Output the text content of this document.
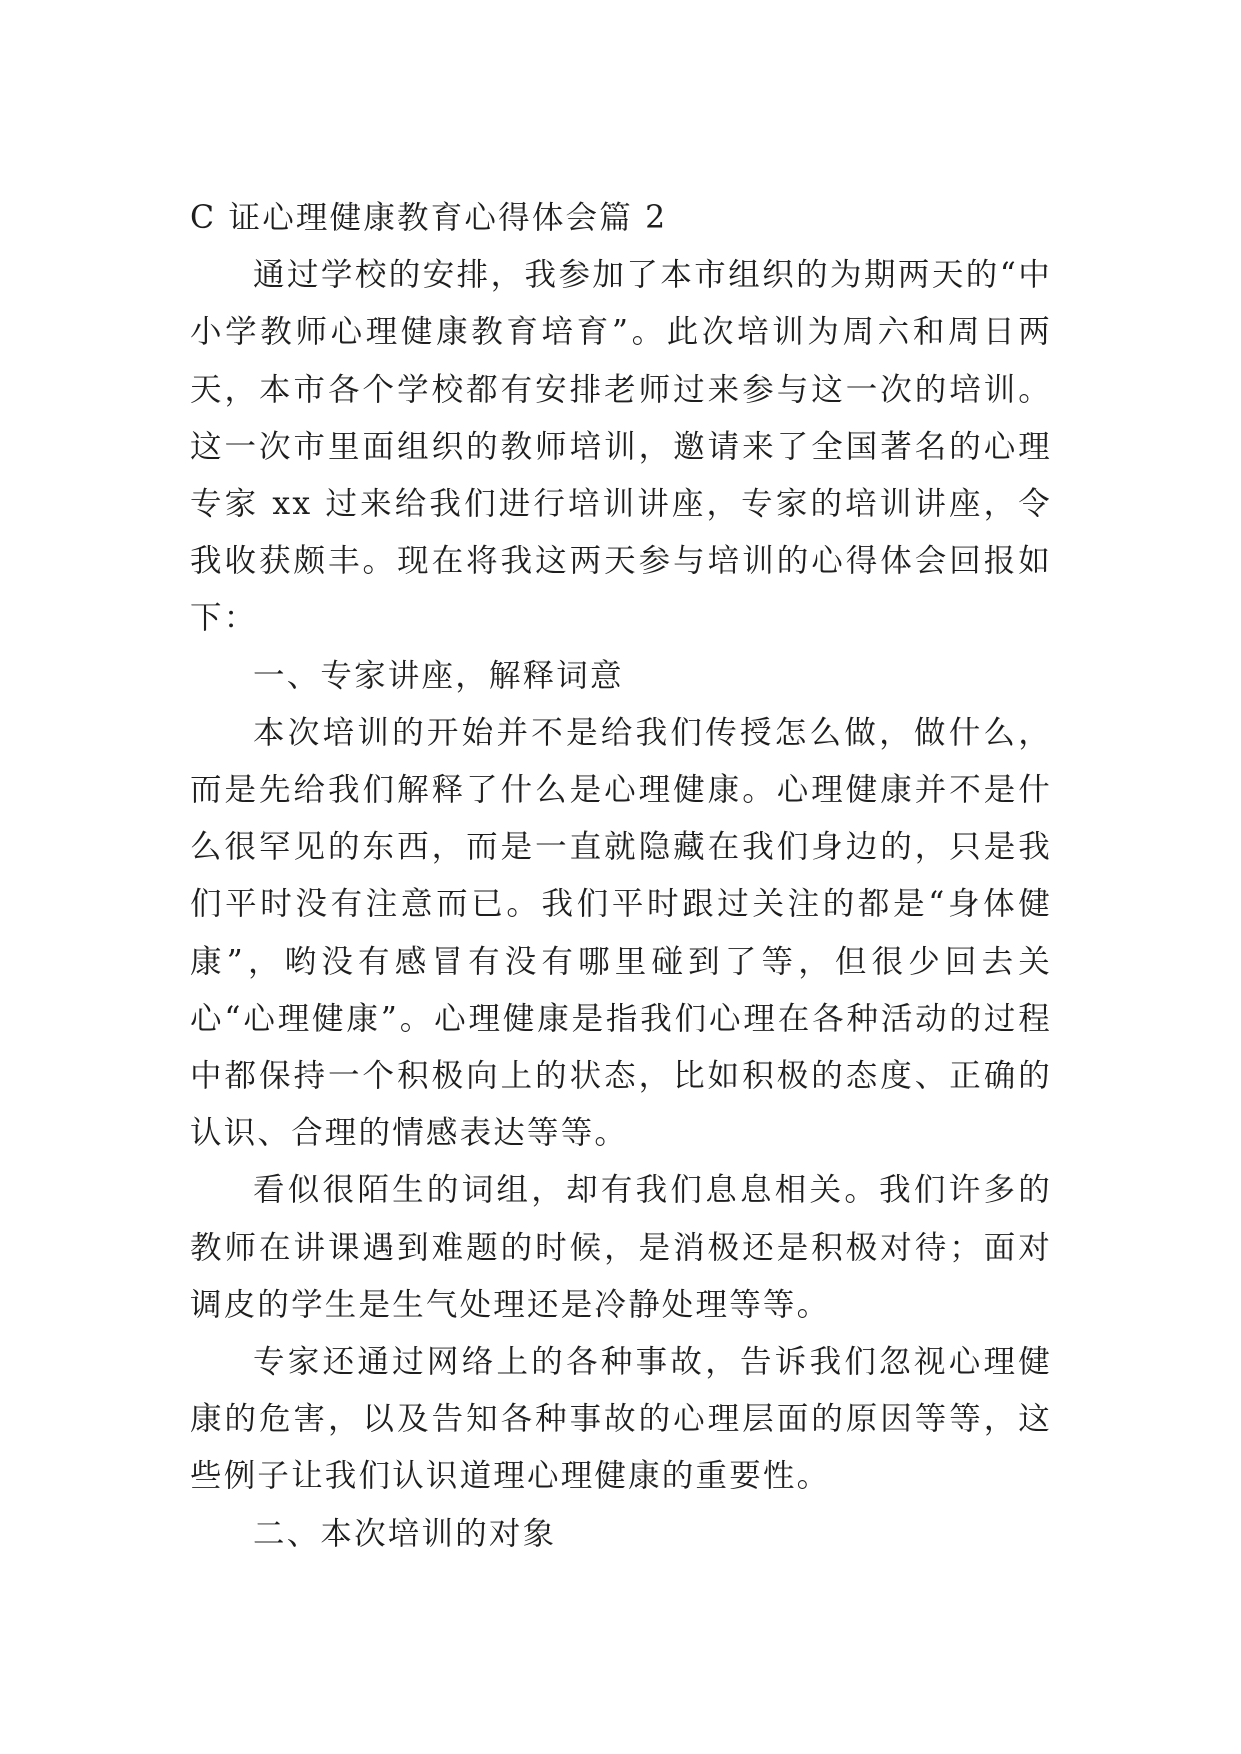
C 证心理健康教育心得体会篇 2

通过学校的安排，我参加了本市组织的为期两天的“中小学教师心理健康教育培育”。此次培训为周六和周日两天，本市各个学校都有安排老师过来参与这一次的培训。这一次市里面组织的教师培训，邀请来了全国著名的心理专家 xx 过来给我们进行培训讲座，专家的培训讲座，令我收获颇丰。现在将我这两天参与培训的心得体会回报如下：

一、专家讲座，解释词意

本次培训的开始并不是给我们传授怎么做，做什么，而是先给我们解释了什么是心理健康。心理健康并不是什么很罕见的东西，而是一直就隐藏在我们身边的，只是我们平时没有注意而已。我们平时跟过关注的都是“身体健康”，哟没有感冒有没有哪里碰到了等，但很少回去关心“心理健康”。心理健康是指我们心理在各种活动的过程中都保持一个积极向上的状态，比如积极的态度、正确的认识、合理的情感表达等等。

看似很陌生的词组，却有我们息息相关。我们许多的教师在讲课遇到难题的时候，是消极还是积极对待；面对调皮的学生是生气处理还是冷静处理等等。

专家还通过网络上的各种事故，告诉我们忽视心理健康的危害，以及告知各种事故的心理层面的原因等等，这些例子让我们认识道理心理健康的重要性。

二、本次培训的对象
